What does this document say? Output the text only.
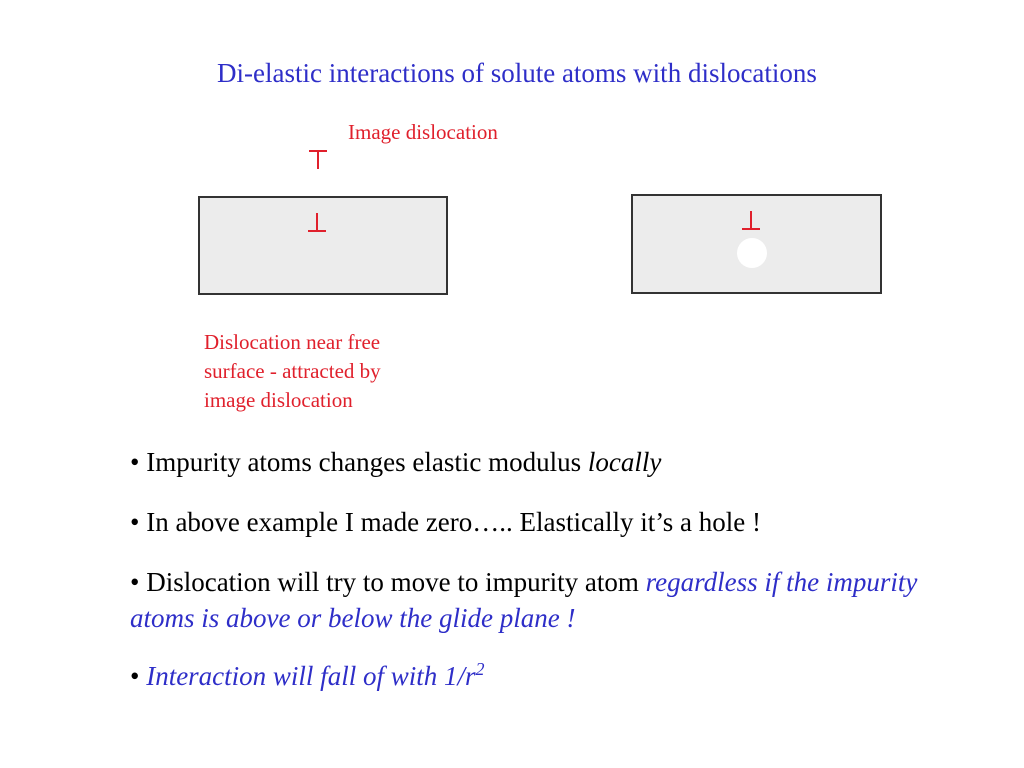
Di-elastic interactions of solute atoms with dislocations
Image dislocation
Dislocation near free
surface - attracted by
image dislocation
• Impurity atoms changes elastic modulus locally
• In above example I made zero….. Elastically it’s a hole !
• Dislocation will try to move to impurity atom regardless if the impurity atoms is above or below the glide plane !
• Interaction will fall of with $1/r^2$
